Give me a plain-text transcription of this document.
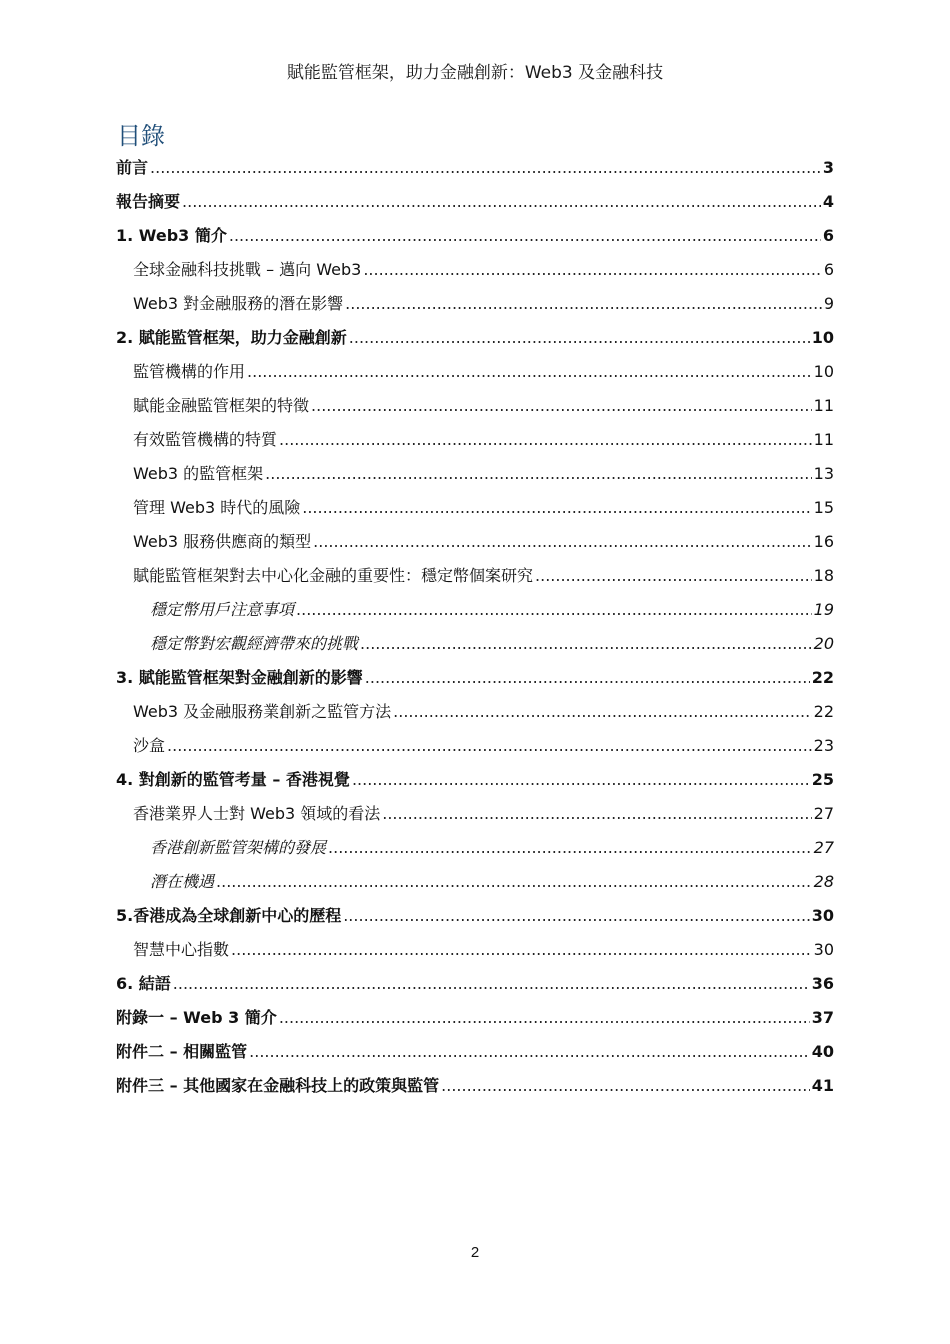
賦能監管框架，助力金融創新：Web3 及金融科技
目錄
前言 .....	3
報告摘要 .....	4
1. Web3 簡介 .....	6
全球金融科技挑戰 – 邁向 Web3 .....	6
Web3 對金融服務的潛在影響 .....	9
2. 賦能監管框架，助力金融創新 .....	10
監管機構的作用 .....	10
賦能金融監管框架的特徵 .....	11
有效監管機構的特質 .....	11
Web3 的監管框架 .....	13
管理 Web3 時代的風險 .....	15
Web3 服務供應商的類型 .....	16
賦能監管框架對去中心化金融的重要性：穩定幣個案研究 .....	18
穩定幣用戶注意事項 .....	19
穩定幣對宏觀經濟帶來的挑戰 .....	20
3. 賦能監管框架對金融創新的影響 .....	22
Web3 及金融服務業創新之監管方法 .....	22
沙盒 .....	23
4. 對創新的監管考量 – 香港視覺 .....	25
香港業界人士對 Web3 領域的看法 .....	27
香港創新監管架構的發展 .....	27
潛在機遇 .....	28
5.香港成為全球創新中心的歷程 .....	30
智慧中心指數 .....	30
6. 結語 .....	36
附錄一 – Web 3 簡介 .....	37
附件二 – 相關監管 .....	40
附件三 – 其他國家在金融科技上的政策與監管 .....	41
2
